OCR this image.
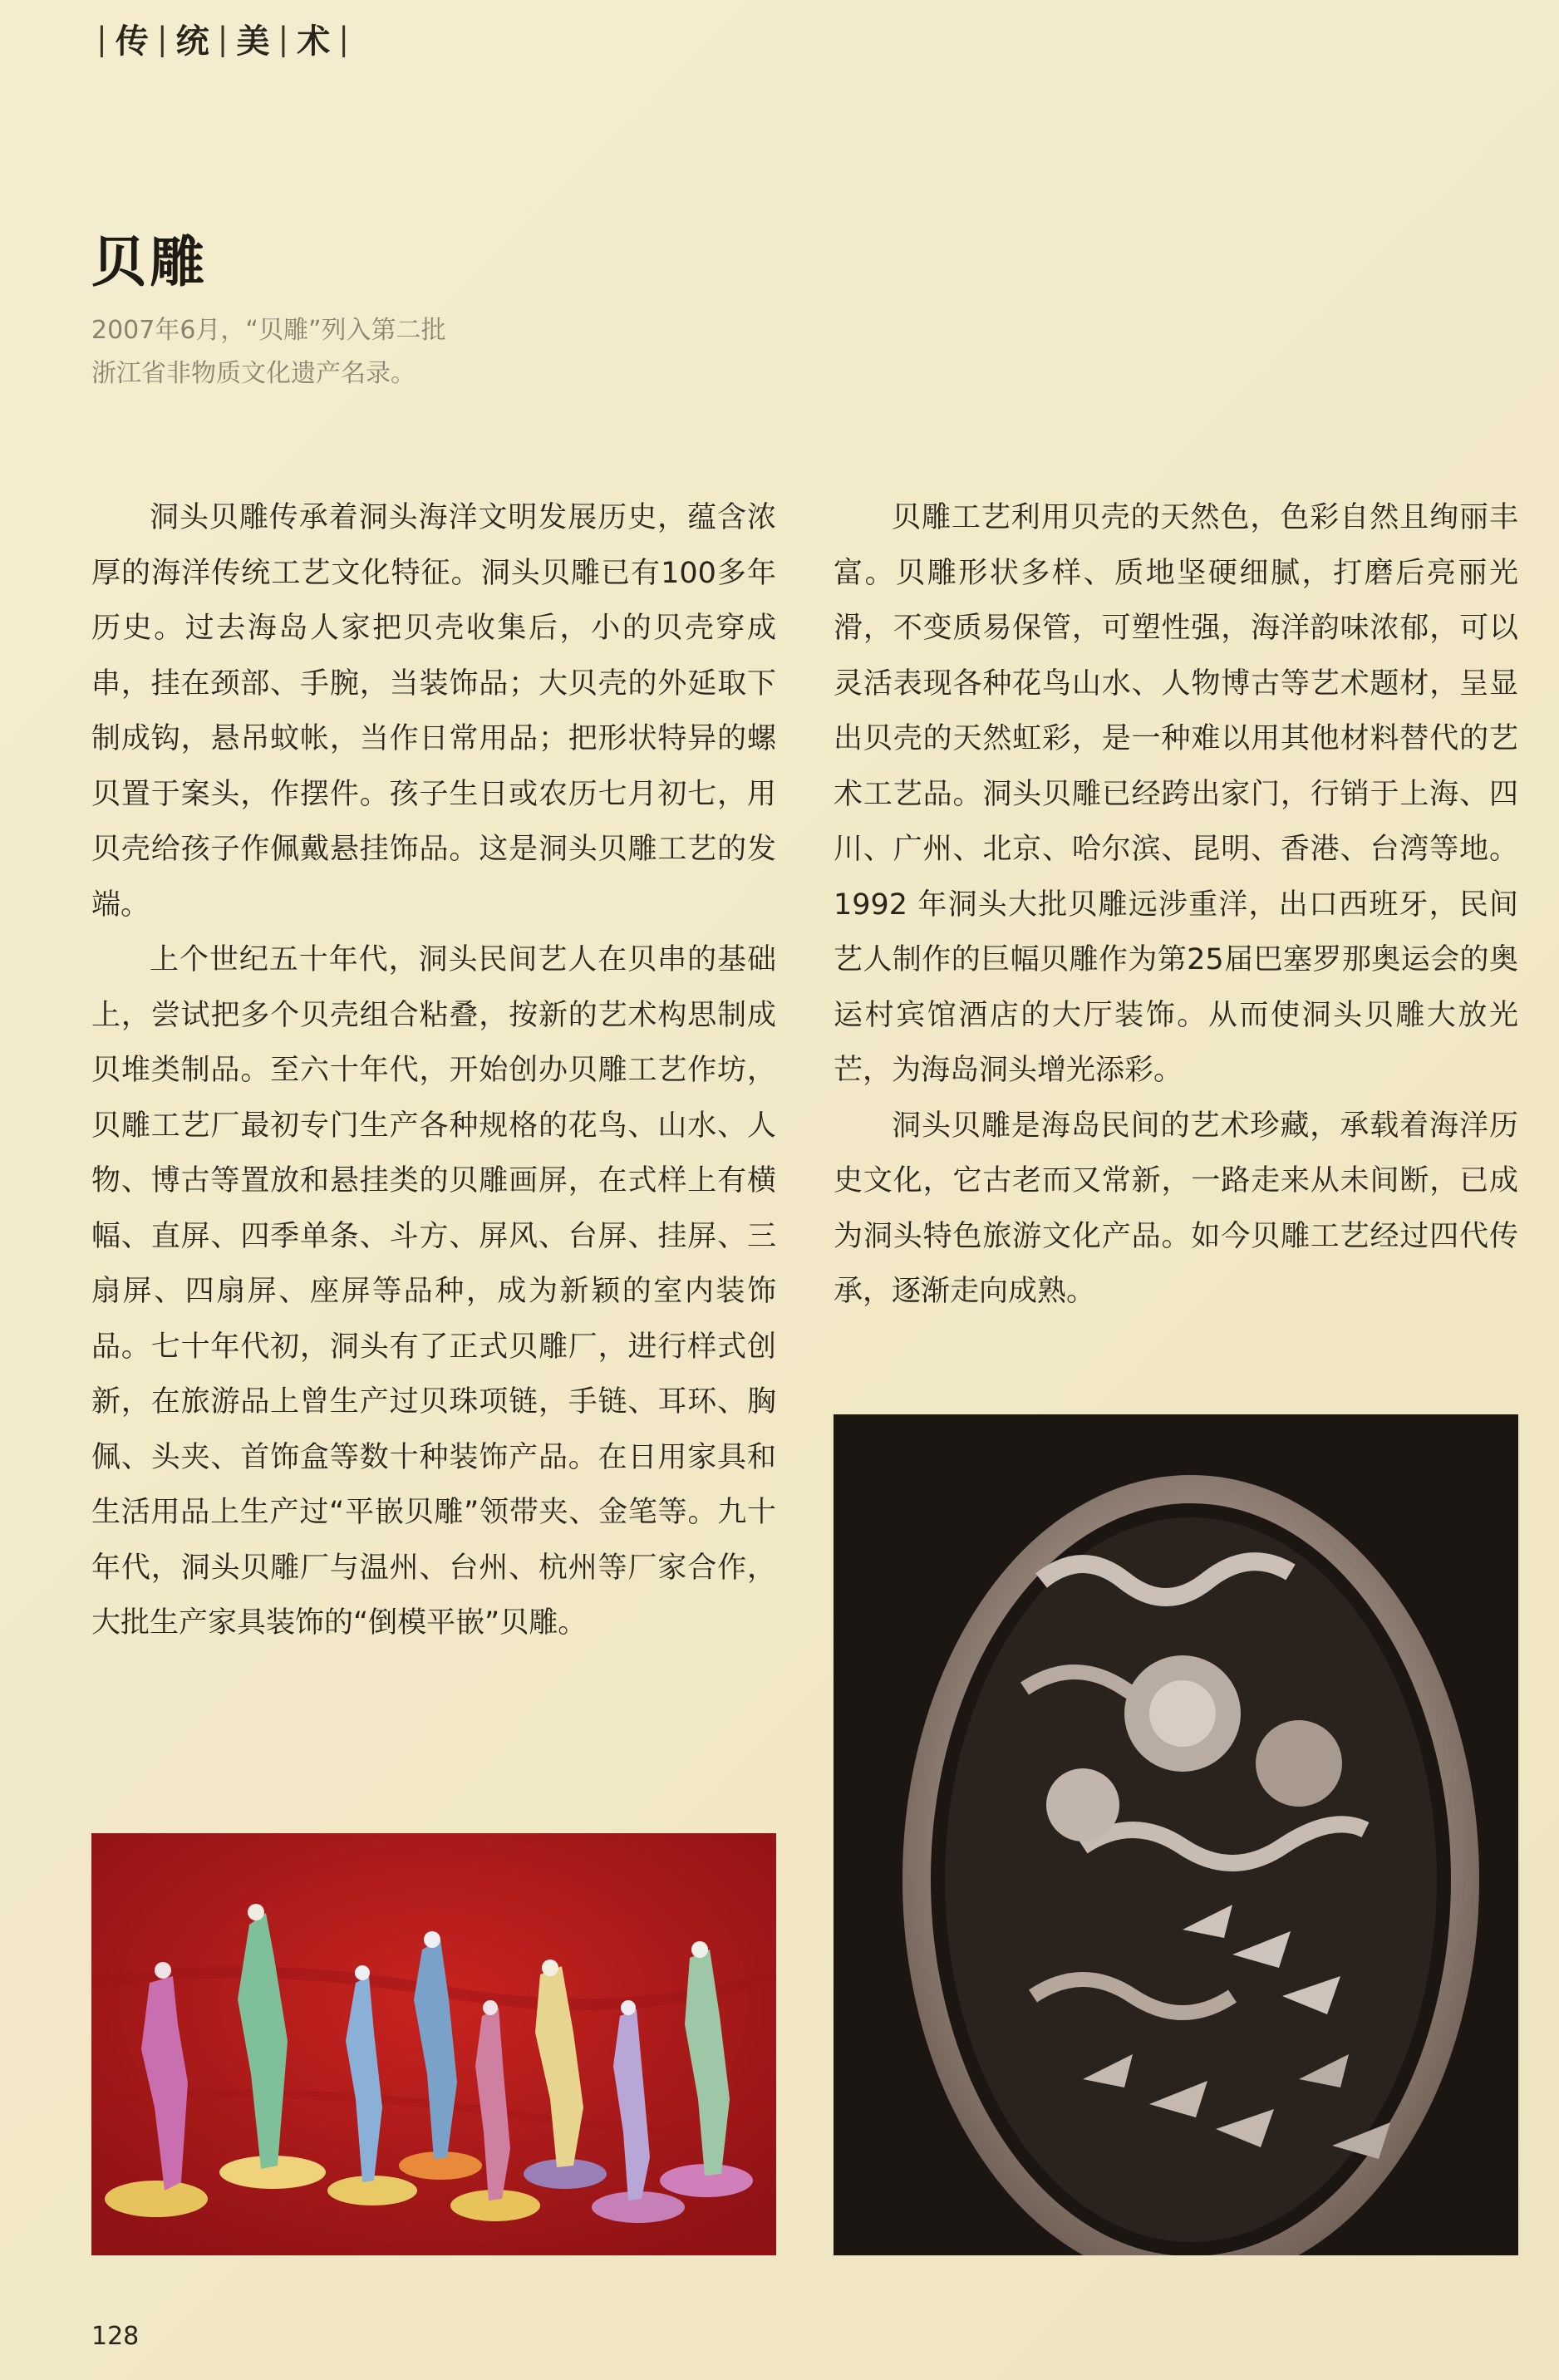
| 传 | 统 | 美 | 术 |
贝雕
2007年6月，“贝雕”列入第二批
浙江省非物质文化遗产名录。

洞头贝雕传承着洞头海洋文明发展历史，蕴含浓厚的海洋传统工艺文化特征。洞头贝雕已有100多年历史。过去海岛人家把贝壳收集后，小的贝壳穿成串，挂在颈部、手腕，当装饰品；大贝壳的外延取下制成钩，悬吊蚊帐，当作日常用品；把形状特异的螺贝置于案头，作摆件。孩子生日或农历七月初七，用贝壳给孩子作佩戴悬挂饰品。这是洞头贝雕工艺的发端。

上个世纪五十年代，洞头民间艺人在贝串的基础上，尝试把多个贝壳组合粘叠，按新的艺术构思制成贝堆类制品。至六十年代，开始创办贝雕工艺作坊，贝雕工艺厂最初专门生产各种规格的花鸟、山水、人物、博古等置放和悬挂类的贝雕画屏，在式样上有横幅、直屏、四季单条、斗方、屏风、台屏、挂屏、三扇屏、四扇屏、座屏等品种，成为新颖的室内装饰品。七十年代初，洞头有了正式贝雕厂，进行样式创新，在旅游品上曾生产过贝珠项链，手链、耳环、胸佩、头夹、首饰盒等数十种装饰产品。在日用家具和生活用品上生产过“平嵌贝雕”领带夹、金笔等。九十年代，洞头贝雕厂与温州、台州、杭州等厂家合作，大批生产家具装饰的“倒模平嵌”贝雕。

贝雕工艺利用贝壳的天然色，色彩自然且绚丽丰富。贝雕形状多样、质地坚硬细腻，打磨后亮丽光滑，不变质易保管，可塑性强，海洋韵味浓郁，可以灵活表现各种花鸟山水、人物博古等艺术题材，呈显出贝壳的天然虹彩，是一种难以用其他材料替代的艺术工艺品。洞头贝雕已经跨出家门，行销于上海、四川、广州、北京、哈尔滨、昆明、香港、台湾等地。1992 年洞头大批贝雕远涉重洋，出口西班牙，民间艺人制作的巨幅贝雕作为第25届巴塞罗那奥运会的奥运村宾馆酒店的大厅装饰。从而使洞头贝雕大放光芒，为海岛洞头增光添彩。

洞头贝雕是海岛民间的艺术珍藏，承载着海洋历史文化，它古老而又常新，一路走来从未间断，已成为洞头特色旅游文化产品。如今贝雕工艺经过四代传承，逐渐走向成熟。

128
